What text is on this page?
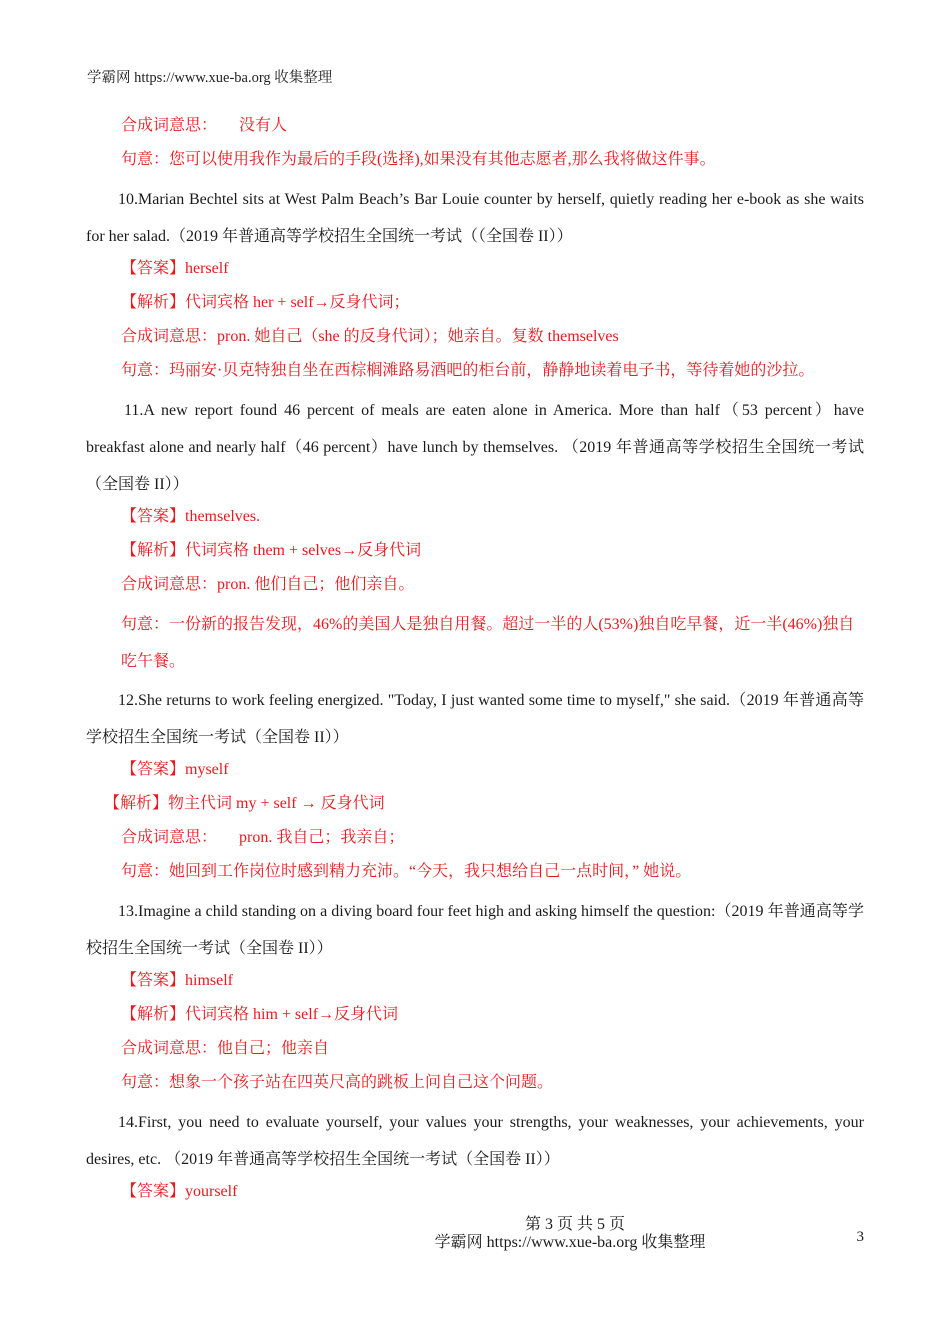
学霸网 https://www.xue-ba.org 收集整理
合成词意思： 没有人
句意：您可以使用我作为最后的手段(选择),如果没有其他志愿者,那么我将做这件事。

10.Marian Bechtel sits at West Palm Beach’s Bar Louie counter by herself, quietly reading her e-book as she waits for her salad.（2019 年普通高等学校招生全国统一考试（（全国卷 II））

【答案】herself
【解析】代词宾格 her + self→反身代词；
合成词意思：pron. 她自己（she 的反身代词）；她亲自。复数 themselves
句意：玛丽安·贝克特独自坐在西棕榈滩路易酒吧的柜台前，静静地读着电子书，等待着她的沙拉。

11.A new report found 46 percent of meals are eaten alone in America. More than half（53 percent）have breakfast alone and nearly half（46 percent）have lunch by themselves. （2019 年普通高等学校招生全国统一考试（全国卷 II））

【答案】themselves.
【解析】代词宾格 them + selves→反身代词
合成词意思：pron. 他们自己；他们亲自。
句意：一份新的报告发现，46%的美国人是独自用餐。超过一半的人(53%)独自吃早餐，近一半(46%)独自吃午餐。

12.She returns to work feeling energized. "Today, I just wanted some time to myself," she said.（2019 年普通高等学校招生全国统一考试（全国卷 II））

【答案】myself
【解析】物主代词 my + self → 反身代词
合成词意思： pron. 我自己；我亲自；
句意：她回到工作岗位时感到精力充沛。“今天，我只想给自己一点时间，” 她说。

13.Imagine a child standing on a diving board four feet high and asking himself the question:（2019 年普通高等学校招生全国统一考试（全国卷 II））

【答案】himself
【解析】代词宾格 him + self→反身代词
合成词意思：他自己；他亲自
句意：想象一个孩子站在四英尺高的跳板上问自己这个问题。

14.First, you need to evaluate yourself, your values your strengths, your weaknesses, your achievements, your desires, etc. （2019 年普通高等学校招生全国统一考试（全国卷 II））

【答案】yourself
第 3 页 共 5 页
学霸网 https://www.xue-ba.org 收集整理	3
